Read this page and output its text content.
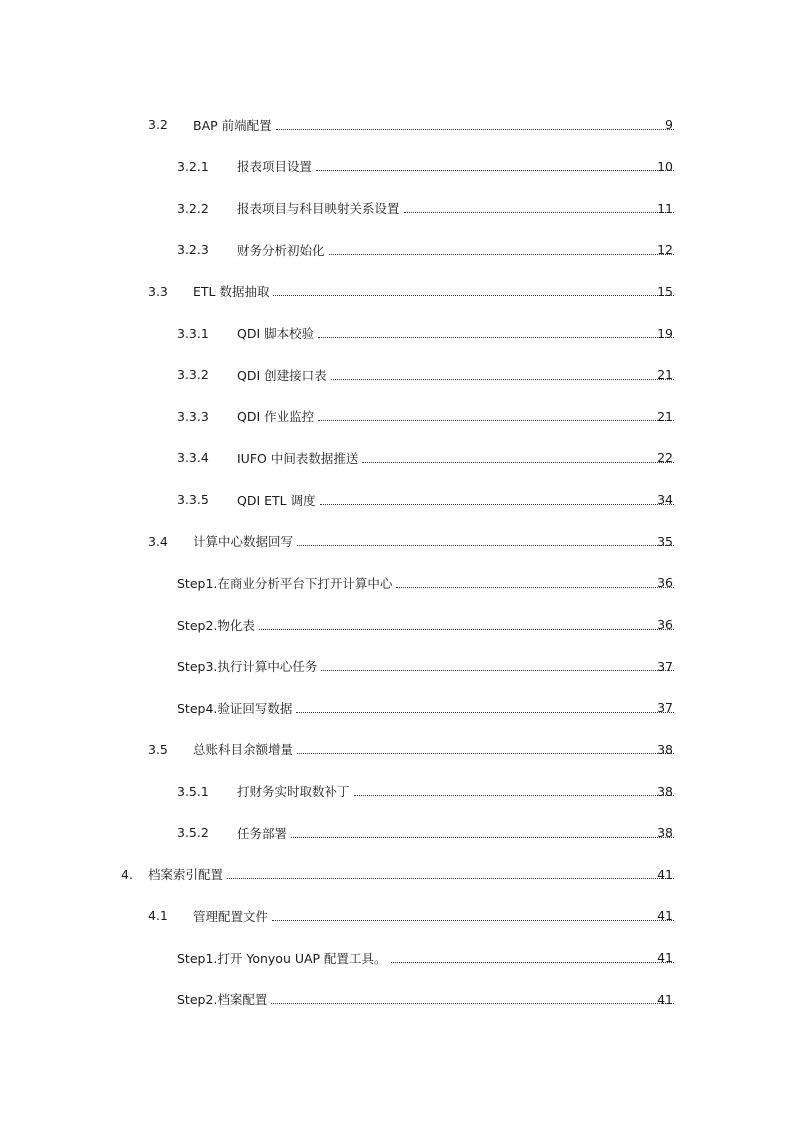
3.2 BAP 前端配置	9
3.2.1 报表项目设置	10
3.2.2 报表项目与科目映射关系设置	11
3.2.3 财务分析初始化	12
3.3 ETL 数据抽取	15
3.3.1 QDI 脚本校验	19
3.3.2 QDI 创建接口表	21
3.3.3 QDI 作业监控	21
3.3.4 IUFO 中间表数据推送	22
3.3.5 QDI ETL 调度	34
3.4 计算中心数据回写	35
Step1.在商业分析平台下打开计算中心	36
Step2.物化表	36
Step3.执行计算中心任务	37
Step4.验证回写数据	37
3.5 总账科目余额增量	38
3.5.1 打财务实时取数补丁	38
3.5.2 任务部署	38
4. 档案索引配置	41
4.1 管理配置文件	41
Step1.打开 Yonyou UAP 配置工具。	41
Step2.档案配置	41
